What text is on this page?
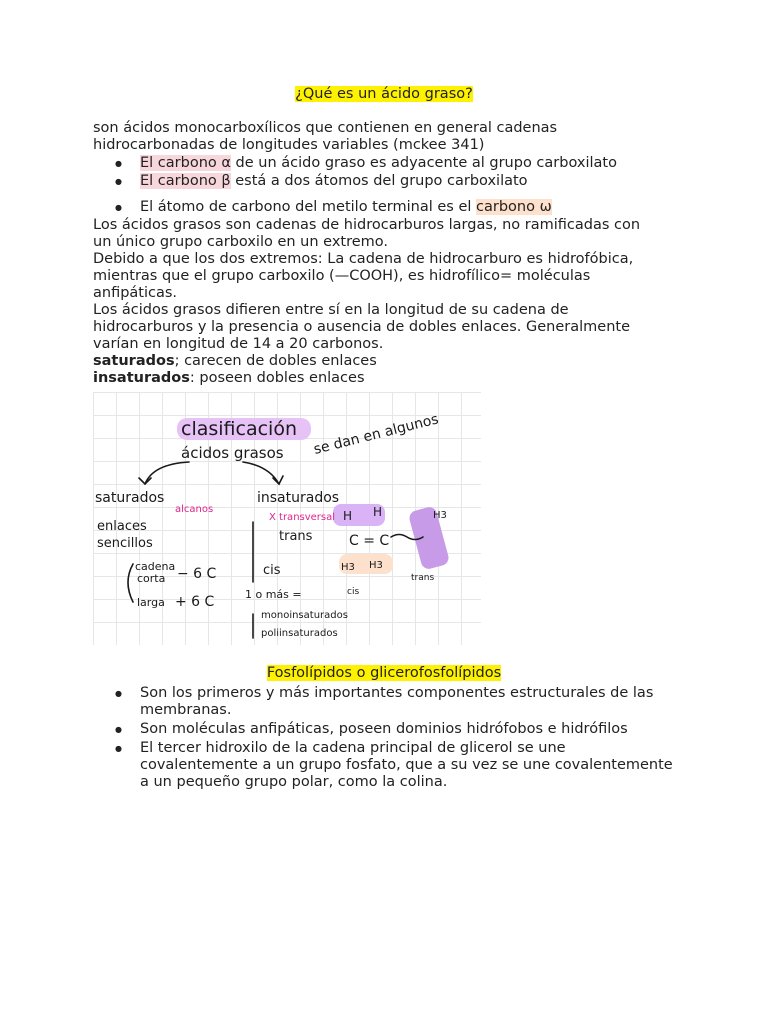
¿Qué es un ácido graso?

son ácidos monocarboxílicos que contienen en general cadenas
hidrocarbonadas de longitudes variables (mckee 341)

● El carbono α de un ácido graso es adyacente al grupo carboxilato
● El carbono β está a dos átomos del grupo carboxilato
● El átomo de carbono del metilo terminal es el carbono ω

Los ácidos grasos son cadenas de hidrocarburos largas, no ramificadas con
un único grupo carboxilo en un extremo.
Debido a que los dos extremos: La cadena de hidrocarburo es hidrofóbica,
mientras que el grupo carboxilo (—COOH), es hidrofílico= moléculas
anfipáticas.
Los ácidos grasos difieren entre sí en la longitud de su cadena de
hidrocarburos y la presencia o ausencia de dobles enlaces. Generalmente
varían en longitud de 14 a 20 carbonos.
saturados; carecen de dobles enlaces
insaturados: poseen dobles enlaces

clasificación
ácidos grasos se dan en algunos
saturados
alcanos
enlaces
sencillos
cadena
corta − 6 C
larga + 6 C
insaturados
X transversal
trans
cis
1 o más =
monoinsaturados
poliinsaturados
H H
C = C
H3 H3
cis
H3
trans
Fosfolípidos o glicerofosfolípidos
● Son los primeros y más importantes componentes estructurales de las
membranas.
● Son moléculas anfipáticas, poseen dominios hidrófobos e hidrófilos
● El tercer hidroxilo de la cadena principal de glicerol se une
covalentemente a un grupo fosfato, que a su vez se une covalentemente
a un pequeño grupo polar, como la colina.
